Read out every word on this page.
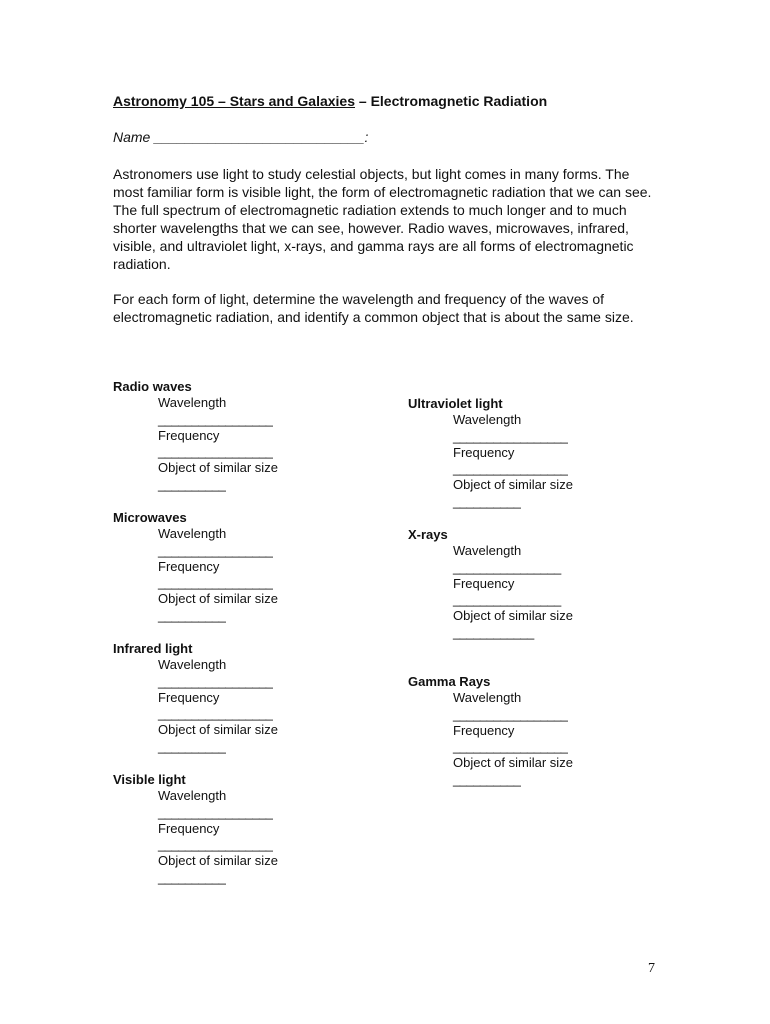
Astronomy 105 – Stars and Galaxies – Electromagnetic Radiation
Name ___________________________:

Astronomers use light to study celestial objects, but light comes in many forms. The most familiar form is visible light, the form of electromagnetic radiation that we can see. The full spectrum of electromagnetic radiation extends to much longer and to much shorter wavelengths that we can see, however. Radio waves, microwaves, infrared, visible, and ultraviolet light, x-rays, and gamma rays are all forms of electromagnetic radiation.

For each form of light, determine the wavelength and frequency of the waves of electromagnetic radiation, and identify a common object that is about the same size.

Radio waves
Wavelength
_________________
Frequency
_________________
Object of similar size
__________
Microwaves
Wavelength
_________________
Frequency
_________________
Object of similar size
__________
Infrared light
Wavelength
_________________
Frequency
_________________
Object of similar size
__________
Visible light
Wavelength
_________________
Frequency
_________________
Object of similar size
__________
Ultraviolet light
Wavelength
_________________
Frequency
_________________
Object of similar size
__________
X-rays
Wavelength
________________
Frequency
________________
Object of similar size
____________
Gamma Rays
Wavelength
_________________
Frequency
_________________
Object of similar size
__________
7
